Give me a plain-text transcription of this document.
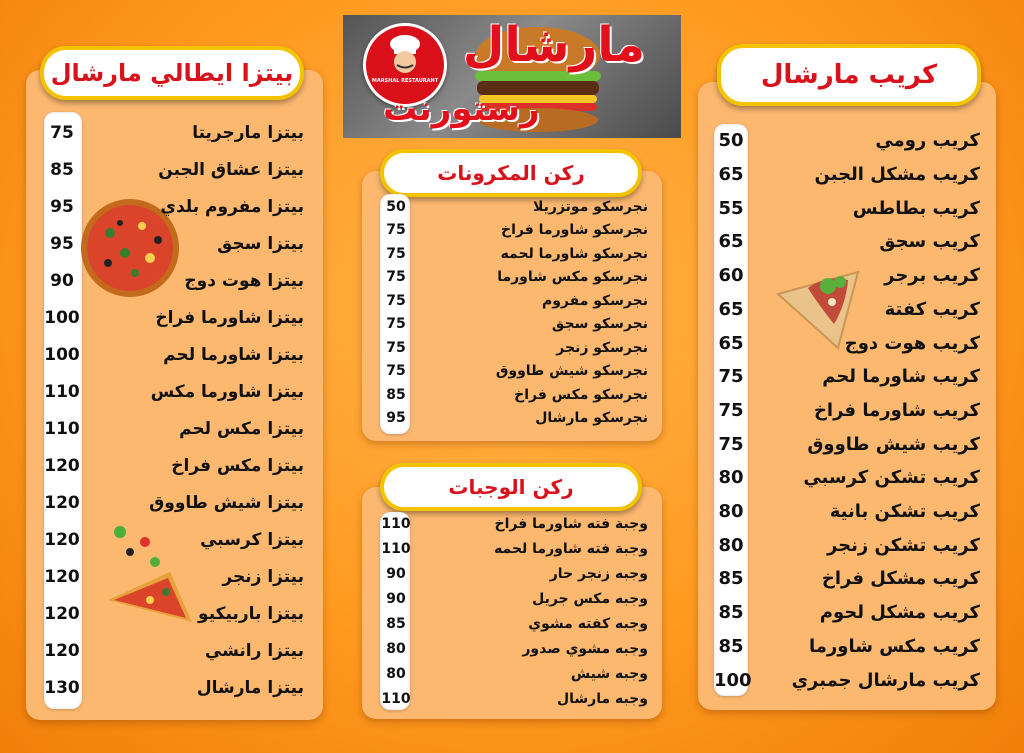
بيتزا ايطالي مارشال
75	بيتزا مارجريتا
85	بيتزا عشاق الجبن
95	بيتزا مفروم بلدي
95	بيتزا سجق
90	بيتزا هوت دوج
100	بيتزا شاورما فراخ
100	بيتزا شاورما لحم
110	بيتزا شاورما مكس
110	بيتزا مكس لحم
120	بيتزا مكس فراخ
120	بيتزا شيش طاووق
120	بيتزا كرسبي
120	بيتزا زنجر
120	بيتزا باربيكيو
120	بيتزا رانشي
130	بيتزا مارشال
MARSHAL RESTAURANT
مارشال
رستورنت
ركن المكرونات
50	نجرسكو موتزريلا
75	نجرسكو شاورما فراخ
75	نجرسكو شاورما لحمه
75	نجرسكو مكس شاورما
75	نجرسكو مفروم
75	نجرسكو سجق
75	نجرسكو زنجر
75	نجرسكو شيش طاووق
85	نجرسكو مكس فراخ
95	نجرسكو مارشال
ركن الوجبات
110	وجبة فته شاورما فراخ
110	وجبة فته شاورما لحمه
90	وجبه زنجر حار
90	وجبه مكس جريل
85	وجبه كفته مشوي
80	وجبه مشوي صدور
80	وجبه شيش
110	وجبه مارشال
كريب مارشال
50	كريب رومي
65	كريب مشكل الجبن
55	كريب بطاطس
65	كريب سجق
60	كريب برجر
65	كريب كفتة
65	كريب هوت دوج
75	كريب شاورما لحم
75	كريب شاورما فراخ
75	كريب شيش طاووق
80	كريب تشكن كرسبي
80	كريب تشكن بانية
80	كريب تشكن زنجر
85	كريب مشكل فراخ
85	كريب مشكل لحوم
85	كريب مكس شاورما
100 كريب مارشال جمبري
